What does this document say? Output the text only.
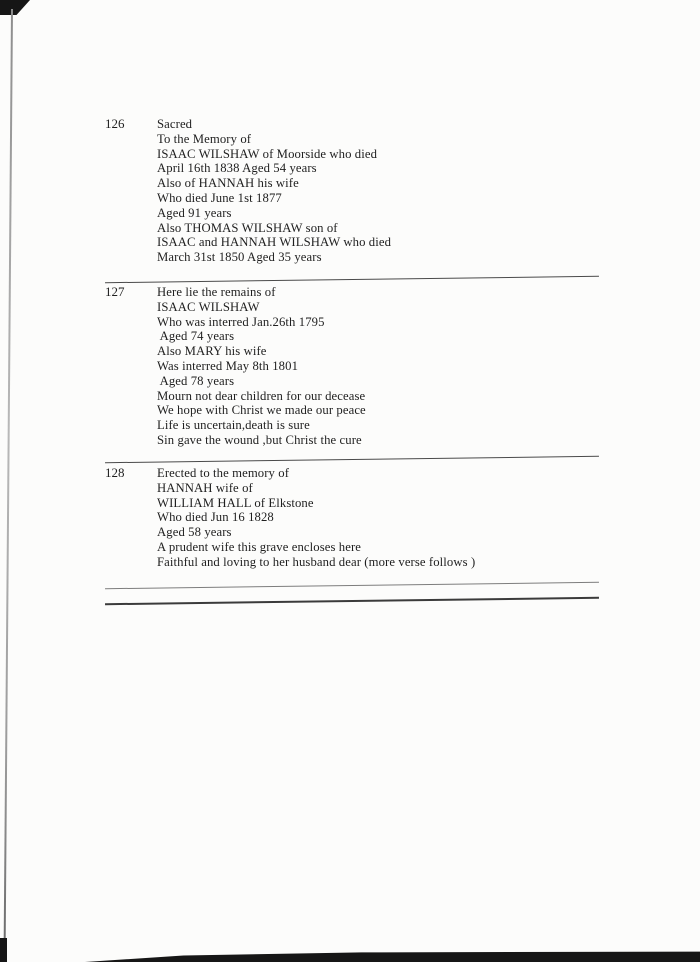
126	Sacred
To the Memory of
ISAAC WILSHAW of Moorside who died
April 16th 1838 Aged 54 years
Also of HANNAH his wife
Who died June 1st 1877
Aged 91 years
Also THOMAS WILSHAW son of
ISAAC and HANNAH WILSHAW who died
March 31st 1850 Aged 35 years
127	Here lie the remains of
ISAAC WILSHAW
Who was interred Jan.26th 1795
Aged 74 years
Also MARY his wife
Was interred May 8th 1801
Aged 78 years
Mourn not dear children for our decease
We hope with Christ we made our peace
Life is uncertain,death is sure
Sin gave the wound ,but Christ the cure
128	Erected to the memory of
HANNAH wife of
WILLIAM HALL of Elkstone
Who died Jun 16 1828
Aged 58 years
A prudent wife this grave encloses here
Faithful and loving to her husband dear (more verse follows )
